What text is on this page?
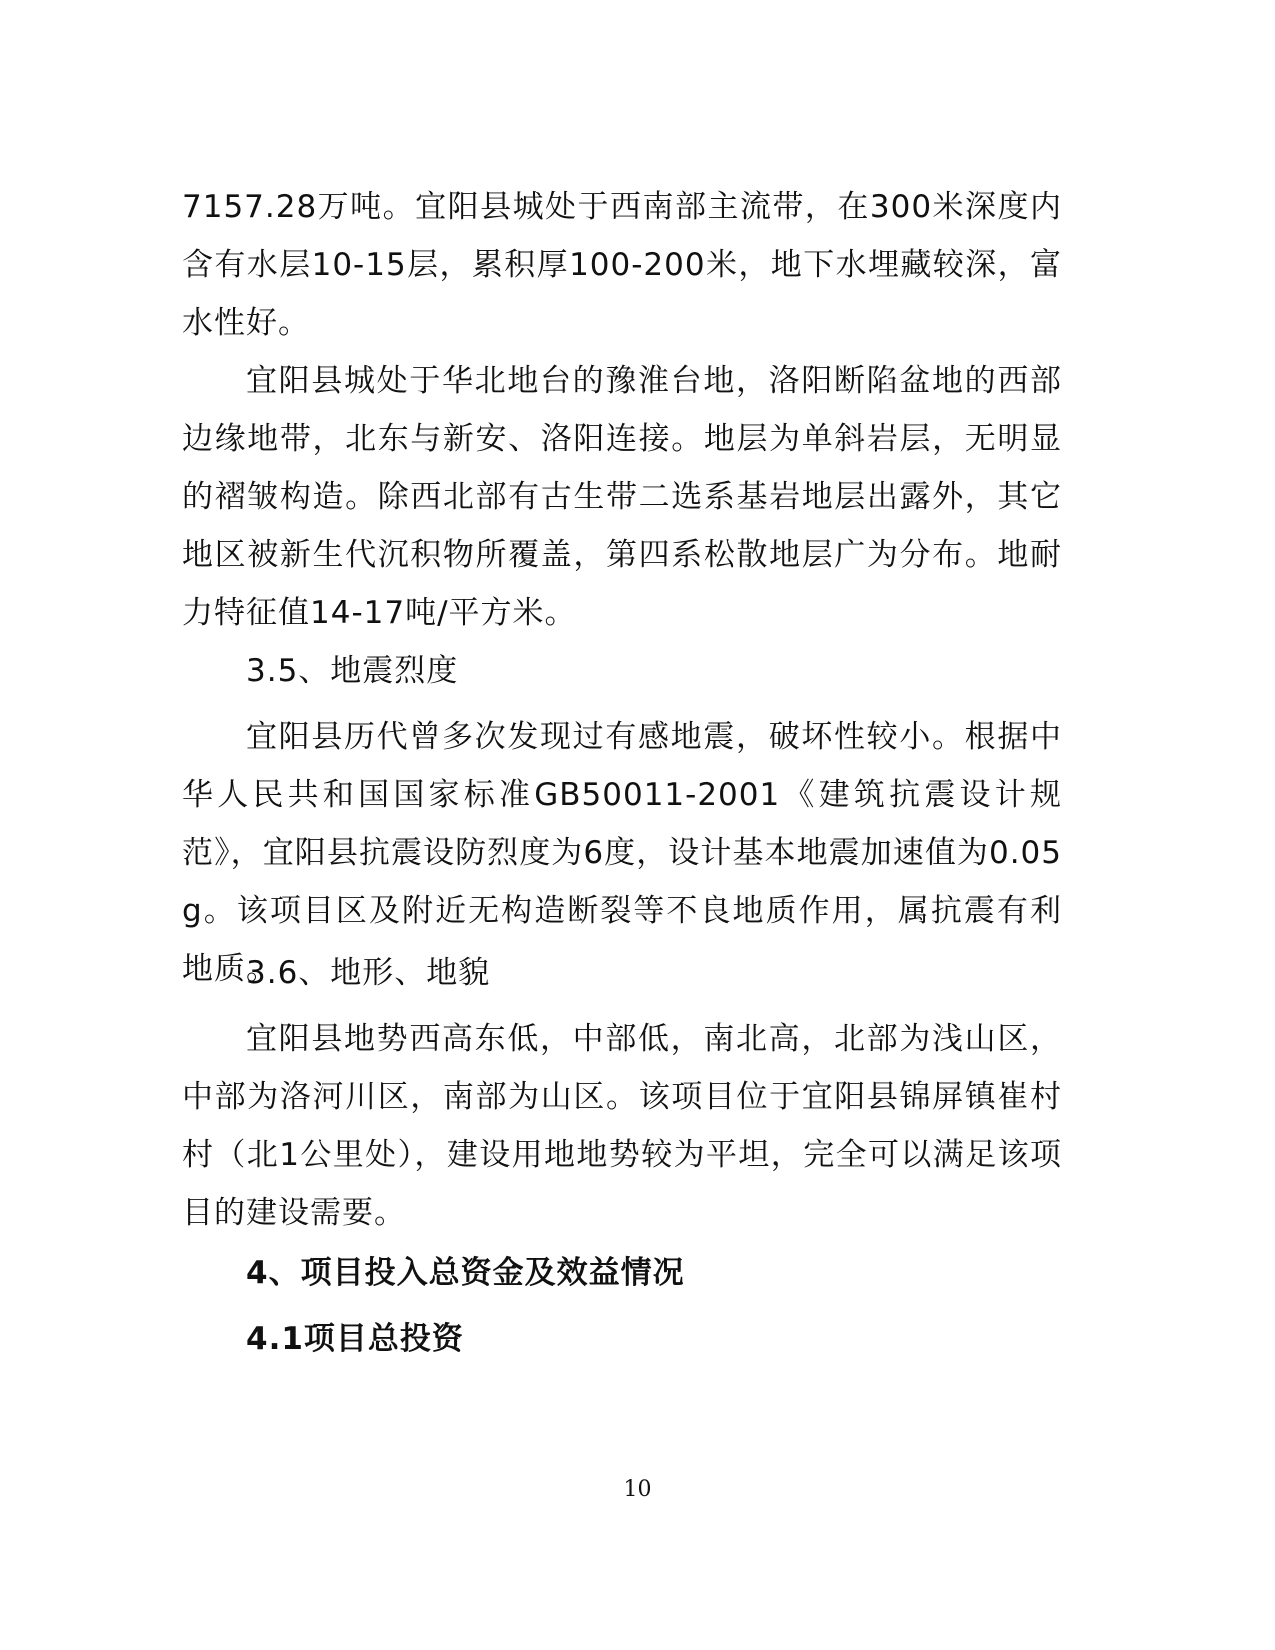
7157.28万吨。宜阳县城处于西南部主流带，在300米深度内含有水层10-15层，累积厚100-200米，地下水埋藏较深，富水性好。
宜阳县城处于华北地台的豫淮台地，洛阳断陷盆地的西部边缘地带，北东与新安、洛阳连接。地层为单斜岩层，无明显的褶皱构造。除西北部有古生带二选系基岩地层出露外，其它地区被新生代沉积物所覆盖，第四系松散地层广为分布。地耐力特征值14-17吨/平方米。
3.5、地震烈度
宜阳县历代曾多次发现过有感地震，破坏性较小。根据中华人民共和国国家标准GB50011-2001《建筑抗震设计规范》，宜阳县抗震设防烈度为6度，设计基本地震加速值为0.05g。该项目区及附近无构造断裂等不良地质作用，属抗震有利地质。
3.6、地形、地貌
宜阳县地势西高东低，中部低，南北高，北部为浅山区，中部为洛河川区，南部为山区。该项目位于宜阳县锦屏镇崔村村（北1公里处），建设用地地势较为平坦，完全可以满足该项目的建设需要。
4、项目投入总资金及效益情况
4.1项目总投资
10
